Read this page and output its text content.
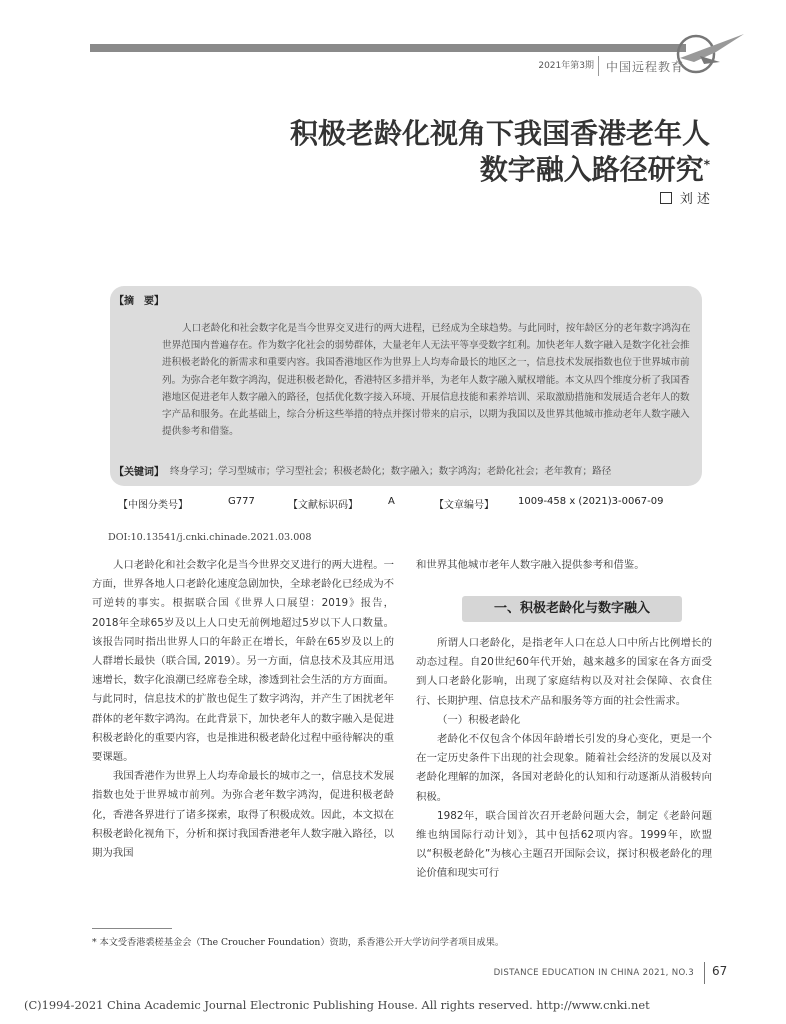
2021年第3期 中国远程教育
积极老龄化视角下我国香港老年人
数字融入路径研究*
刘 述
【摘　要】

人口老龄化和社会数字化是当今世界交叉进行的两大进程，已经成为全球趋势。与此同时，按年龄区分的老年数字鸿沟在世界范围内普遍存在。作为数字化社会的弱势群体，大量老年人无法平等享受数字红利。加快老年人数字融入是数字化社会推进积极老龄化的新需求和重要内容。我国香港地区作为世界上人均寿命最长的地区之一，信息技术发展指数也位于世界城市前列。为弥合老年数字鸿沟，促进积极老龄化，香港特区多措并举，为老年人数字融入赋权增能。本文从四个维度分析了我国香港地区促进老年人数字融入的路径，包括优化数字接入环境、开展信息技能和素养培训、采取激励措施和发展适合老年人的数字产品和服务。在此基础上，综合分析这些举措的特点并探讨带来的启示，以期为我国以及世界其他城市推动老年人数字融入提供参考和借鉴。

【关键词】 终身学习；学习型城市；学习型社会；积极老龄化；数字融入；数字鸿沟；老龄化社会；老年教育；路径
【中图分类号】	G777	【文献标识码】	A	【文章编号】 1009-458 x (2021)3-0067-09
DOI:10.13541/j.cnki.chinade.2021.03.008

人口老龄化和社会数字化是当今世界交叉进行的两大进程。一方面，世界各地人口老龄化速度急剧加快，全球老龄化已经成为不可逆转的事实。根据联合国《世界人口展望：2019》报告，2018年全球65岁及以上人口史无前例地超过5岁以下人口数量。该报告同时指出世界人口的年龄正在增长，年龄在65岁及以上的人群增长最快（联合国, 2019）。另一方面，信息技术及其应用迅速增长，数字化浪潮已经席卷全球，渗透到社会生活的方方面面。与此同时，信息技术的扩散也促生了数字鸿沟，并产生了困扰老年群体的老年数字鸿沟。在此背景下，加快老年人的数字融入是促进积极老龄化的重要内容，也是推进积极老龄化过程中亟待解决的重要课题。

我国香港作为世界上人均寿命最长的城市之一，信息技术发展指数也处于世界城市前列。为弥合老年数字鸿沟，促进积极老龄化，香港各界进行了诸多探索，取得了积极成效。因此，本文拟在积极老龄化视角下，分析和探讨我国香港老年人数字融入路径，以期为我国

和世界其他城市老年人数字融入提供参考和借鉴。

一、积极老龄化与数字融入

所谓人口老龄化，是指老年人口在总人口中所占比例增长的动态过程。自20世纪60年代开始，越来越多的国家在各方面受到人口老龄化影响，出现了家庭结构以及对社会保障、衣食住行、长期护理、信息技术产品和服务等方面的社会性需求。

（一）积极老龄化

老龄化不仅包含个体因年龄增长引发的身心变化，更是一个在一定历史条件下出现的社会现象。随着社会经济的发展以及对老龄化理解的加深，各国对老龄化的认知和行动逐渐从消极转向积极。

1982年，联合国首次召开老龄问题大会，制定《老龄问题维也纳国际行动计划》，其中包括62项内容。1999年，欧盟以“积极老龄化”为核心主题召开国际会议，探讨积极老龄化的理论价值和现实可行

* 本文受香港裘槎基金会（The Croucher Foundation）资助，系香港公开大学访问学者项目成果。
DISTANCE EDUCATION IN CHINA 2021, NO.3 67
(C)1994-2021 China Academic Journal Electronic Publishing House. All rights reserved. http://www.cnki.net
